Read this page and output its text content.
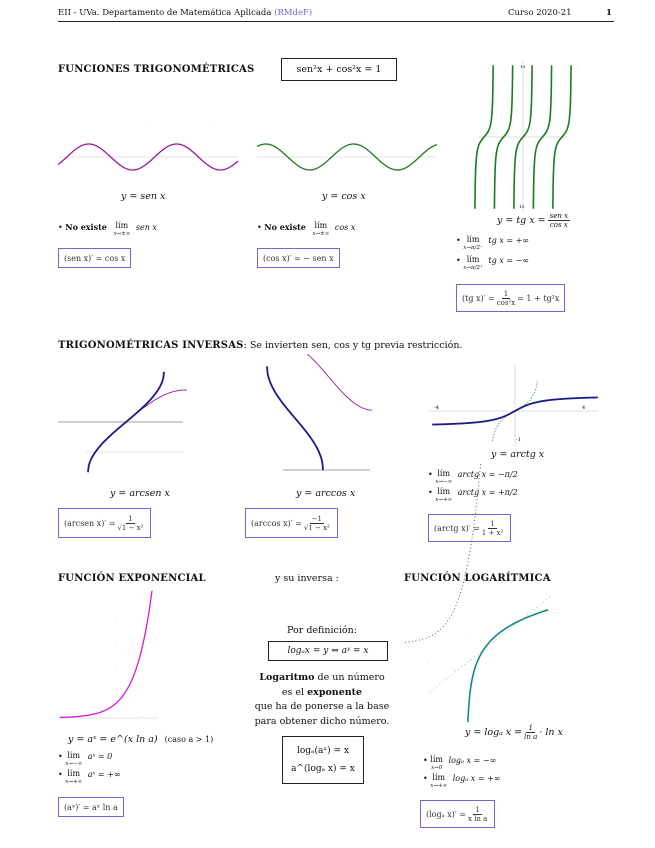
EII - UVa. Departamento de Matemática Aplicada (RMdeF)	Curso 2020-21	1
FUNCIONES TRIGONOMÉTRICAS	sen²x + cos²x = 1
·	·
y = sen x
• No existe lím
x→±∞
sen x
(sen x)′ = cos x
y = cos x
• No existe lím
x→±∞
cos x
(cos x)′ = − sen x
10
-10
y = tg $x = \frac{\text{sen x}}{\text{cos x}}$
• lím
x→π/2⁻
tg x = +∞
• lím
x→π/2⁺
tg x = −∞
(tg $x)' = \frac{1}{\text{cos²x}} = 1 + tg^2x$
TRIGONOMÉTRICAS INVERSAS: Se invierten sen, cos y tg previa restricción.
y = arcsen x
(arcsen $x)' = \frac{1}{\text{√1 − x²}}$
y = arccos x
(arccos $x)' = \frac{-1}{\text{√1 − x²}}$
-4	4
-1
y = arctg x
• lím
x→−∞
arctg x = −π/2
• lím
x→+∞
arctg x = +π/2
(arctg $x)' = \frac{1}{\text{1 + x²}}$
FUNCIÓN EXPONENCIAL	y su inversa :	FUNCIÓN LOGARÍTMICA
·
·
·
·
·
y = aˣ = e^(x ln a) (caso a > 1)
• lím
x→−∞
aˣ = 0
• lím
x→+∞
aˣ = +∞
(aˣ)′ = aˣ ln a
Por definición:
logₐx = y ⇔ aʸ = x
Logaritmo de un número
es el exponente
que ha de ponerse a la base
para obtener dicho número.
logₐ(aˣ) = x
a^(logₐ x) = x
·
·
·
·
y = logₐ $x = \frac{1}{\text{ln a}} \cdot \ln x$
• lím
x→0
logₐ x = −∞
• lím
x→+∞
logₐ x = +∞
(logₐ $x)' = \frac{1}{\text{x ln a}}$
